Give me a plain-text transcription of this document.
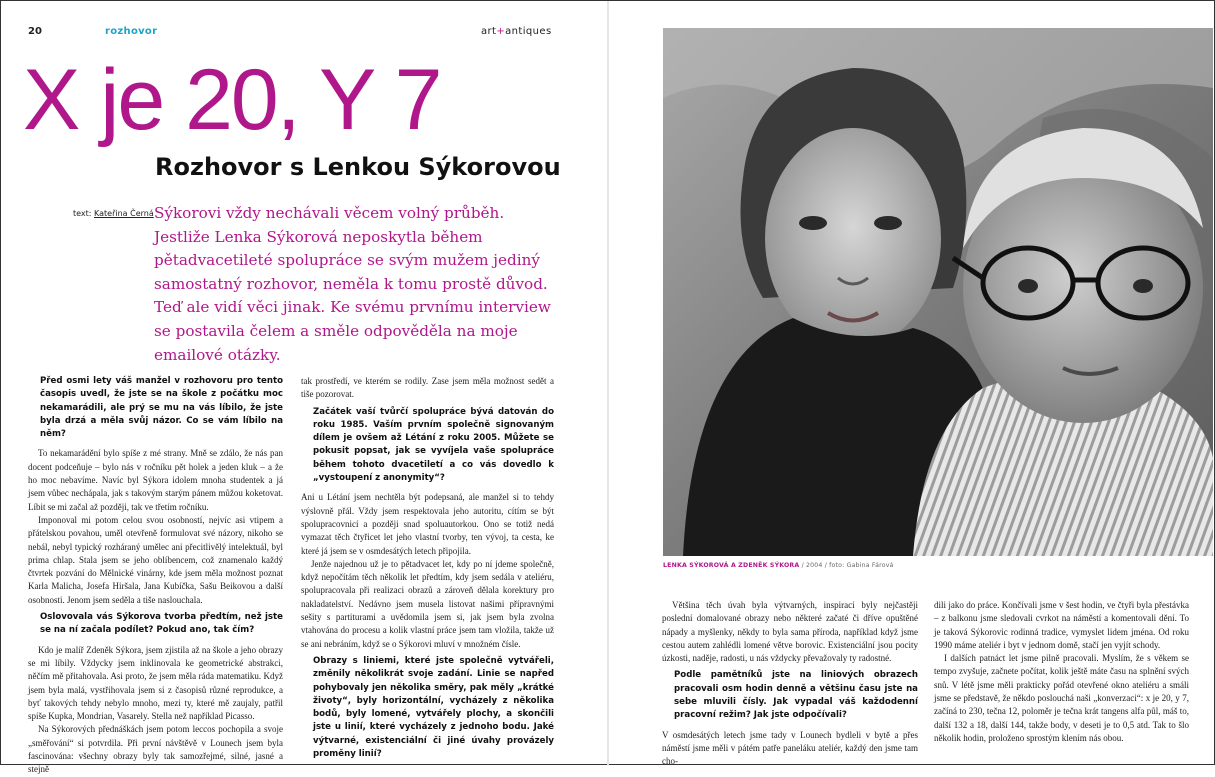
20	rozhovor	art+antiques
X je 20, Y 7
Rozhovor s Lenkou Sýkorovou
text: Kateřina Černá Sýkorovi vždy nechávali věcem volný průběh. Jestliže Lenka Sýkorová neposkytla během pětadvacetileté spolupráce se svým mužem jediný samostatný rozhovor, neměla k tomu prostě důvod. Teď ale vidí věci jinak. Ke svému prvnímu interview se postavila čelem a směle odpověděla na moje emailové otázky.

Před osmi lety váš manžel v rozhovoru pro tento časopis uvedl, že jste se na škole z počátku moc nekamarádili, ale prý se mu na vás líbilo, že jste byla drzá a měla svůj názor. Co se vám líbilo na něm?

To nekamarádění bylo spíše z mé strany. Mně se zdálo, že nás pan docent podceňuje – bylo nás v ročníku pět holek a jeden kluk – a že ho moc nebavíme. Navíc byl Sýkora idolem mnoha studentek a já jsem vůbec nechápala, jak s takovým starým pánem můžou koketovat. Líbit se mi začal až později, tak ve třetím ročníku.

Imponoval mi potom celou svou osobností, nejvíc asi vtipem a přátelskou povahou, uměl otevřeně formulovat své názory, nikoho se nebál, nebyl typický rozháraný umělec ani přecitlivělý intelektuál, byl prima chlap. Stala jsem se jeho oblíbencem, což znamenalo každý čtvrtek pozvání do Mělnické vinárny, kde jsem měla možnost poznat Karla Malicha, Josefa Hiršala, Jana Kubíčka, Sašu Beikovou a další osobnosti. Jenom jsem seděla a tiše naslouchala.

Oslovovala vás Sýkorova tvorba předtím, než jste se na ní začala podílet? Pokud ano, tak čím?

Kdo je malíř Zdeněk Sýkora, jsem zjistila až na škole a jeho obrazy se mi líbily. Vždycky jsem inklinovala ke geometrické abstrakci, něčím mě přitahovala. Asi proto, že jsem měla ráda matematiku. Když jsem byla malá, vystřihovala jsem si z časopisů různé reprodukce, a byť takových tehdy nebylo mnoho, mezi ty, které mě zaujaly, patřil spíše Kupka, Mondrian, Vasarely. Stella než například Picasso.

Na Sýkorových přednáškách jsem potom leccos pochopila a svoje „směřování“ si potvrdila. Při první návštěvě v Lounech jsem byla fascinována: všechny obrazy byly tak samozřejmé, silné, jasné a stejně

tak prostředí, ve kterém se rodily. Zase jsem měla možnost sedět a tiše pozorovat.

Začátek vaší tvůrčí spolupráce bývá datován do roku 1985. Vaším prvním společně signovaným dílem je ovšem až Létání z roku 2005. Můžete se pokusit popsat, jak se vyvíjela vaše spolupráce během tohoto dvacetiletí a co vás dovedlo k „vystoupení z anonymity“?

Ani u Létání jsem nechtěla být podepsaná, ale manžel si to tehdy výslovně přál. Vždy jsem respektovala jeho autoritu, cítím se být spolupracovnicí a později snad spoluautorkou. Ono se totiž nedá vymazat těch čtyřicet let jeho vlastní tvorby, ten vývoj, ta cesta, ke které já jsem se v osmdesátých letech připojila.

Jenže najednou už je to pětadvacet let, kdy po ní jdeme společně, když nepočítám těch několik let předtím, kdy jsem sedála v ateliéru, spolupracovala při realizaci obrazů a zároveň dělala korektury pro nakladatelství. Nedávno jsem musela listovat našimi přípravnými sešity s partiturami a uvědomila jsem si, jak jsem byla zvolna vtahována do procesu a kolik vlastní práce jsem tam vložila, takže už se ani nebráním, když se o Sýkorovi mluví v množném čísle.

Obrazy s liniemi, které jste společně vytvářeli, změnily několikrát svoje zadání. Linie se napřed pohybovaly jen několika směry, pak měly „krátké životy“, byly horizontální, vycházely z několika bodů, byly lomené, vytvářely plochy, a skončili jste u linií, které vycházely z jednoho bodu. Jaké výtvarné, existenciální či jiné úvahy provázely proměny linií?

LENKA SÝKOROVÁ A ZDENĚK SÝKORA / 2004 / foto: Gabina Fárová

Většina těch úvah byla výtvarných, inspirací byly nejčastěji poslední domalované obrazy nebo některé začaté či dříve opuštěné nápady a myšlenky, někdy to byla sama příroda, například když jsme cestou autem zahlédli lomené větve borovic. Existenciální jsou pocity úzkosti, naděje, radosti, u nás vždycky převažovaly ty radostné.

Podle pamětníků jste na liniových obrazech pracovali osm hodin denně a většinu času jste na sebe mluvili čísly. Jak vypadal váš každodenní pracovní režim? Jak jste odpočívali?

V osmdesátých letech jsme tady v Lounech bydleli v bytě a přes náměstí jsme měli v pátém patře paneláku ateliér, každý den jsme tam cho-

dili jako do práce. Končívali jsme v šest hodin, ve čtyři byla přestávka – z balkonu jsme sledovali cvrkot na náměstí a komentovali dění. To je taková Sýkorovic rodinná tradice, vymyslet lidem jména. Od roku 1990 máme ateliér i byt v jednom domě, stačí jen vyjít schody.

I dalších patnáct let jsme pilně pracovali. Myslím, že s věkem se tempo zvyšuje, začnete počítat, kolik ještě máte času na splnění svých snů. V létě jsme měli prakticky pořád otevřené okno ateliéru a smáli jsme se představě, že někdo poslouchá naši „konverzaci“: x je 20, y 7, začíná to 230, tečna 12, poloměr je tečna krát tangens alfa půl, máš to, další 132 a 18, další 144, takže body, v deseti je to 0,5 atd. Tak to šlo několik hodin, proloženo sprostým klením nás obou.
